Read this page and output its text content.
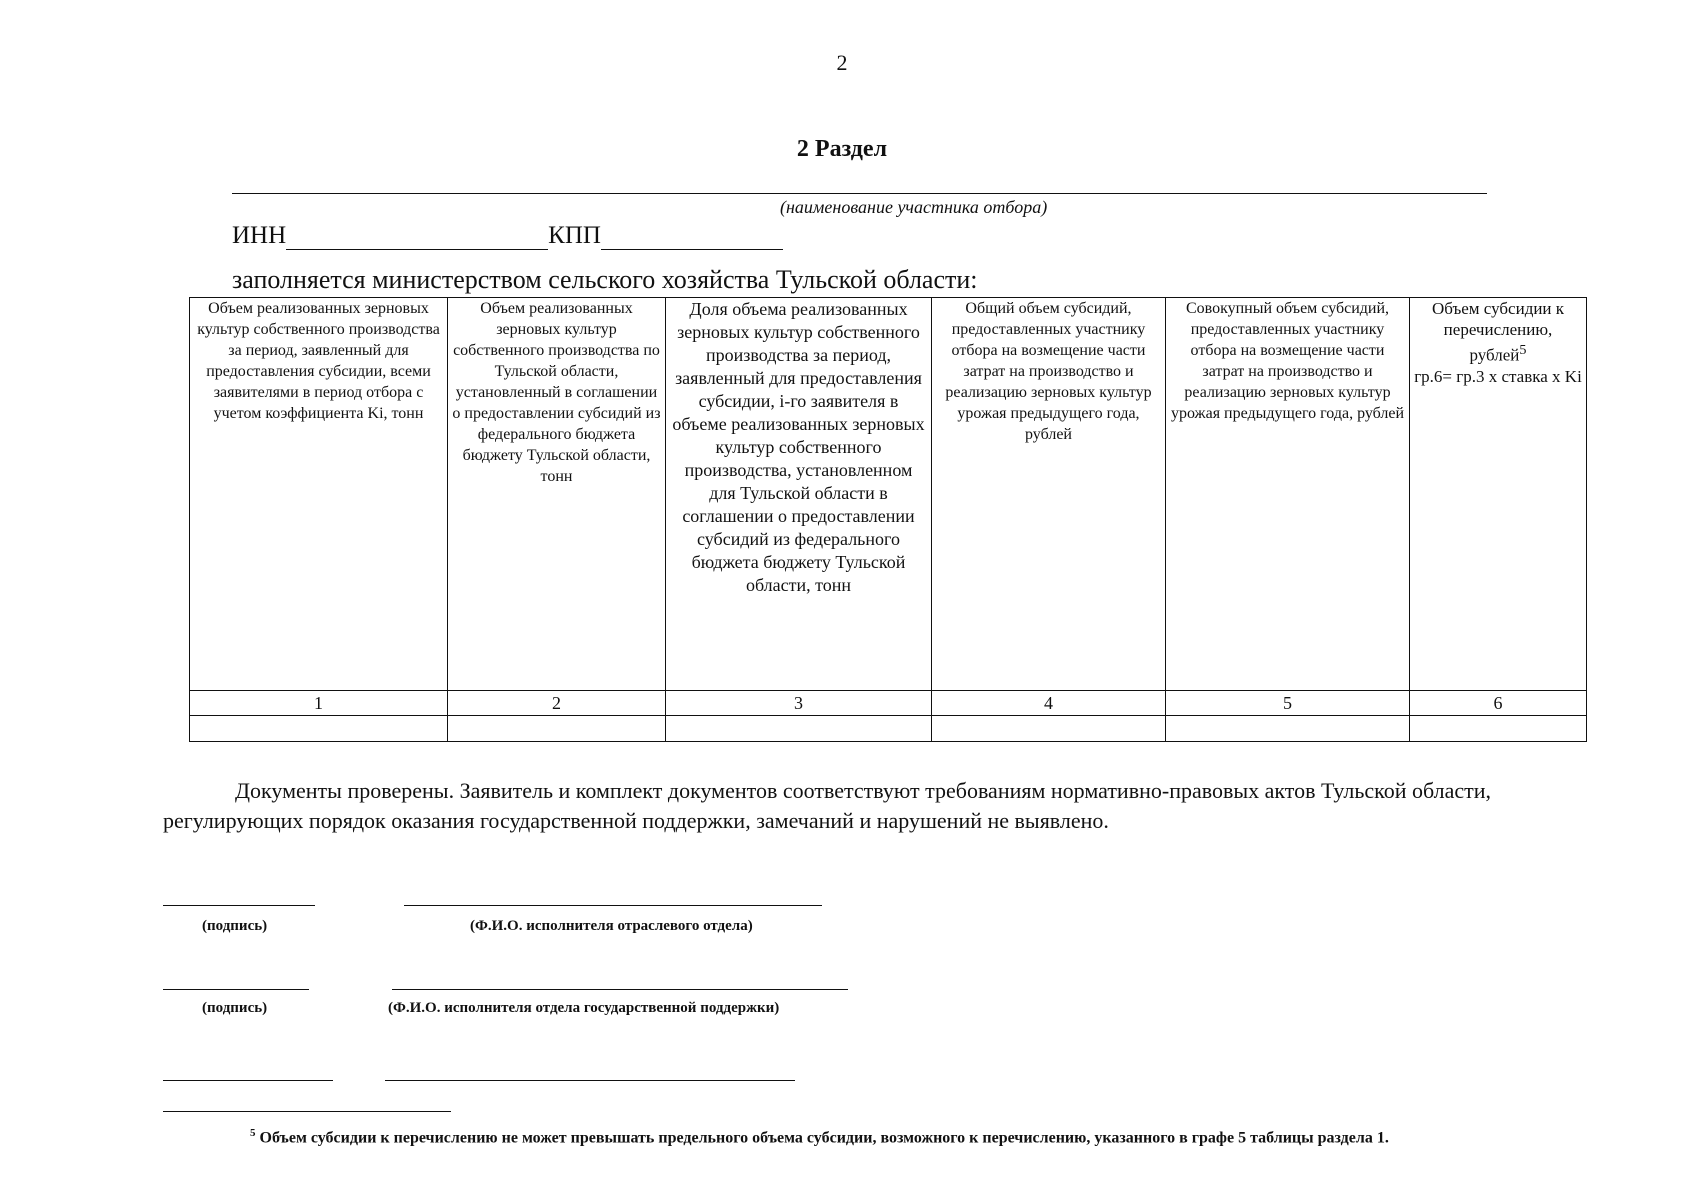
2
2 Раздел
(наименование участника отбора)
ИНН	КПП
заполняется министерством сельского хозяйства Тульской области:
Объем реализованных зерновых культур собственного производства за период, заявленный для предоставления субсидии, всеми заявителями в период отбора с учетом коэффициента Ki, тонн	Объем реализованных зерновых культур собственного производства по Тульской области, установленный в соглашении о предоставлении субсидий из федерального бюджета бюджету Тульской области, тонн	Доля объема реализованных зерновых культур собственного производства за период, заявленный для предоставления субсидии, i-го заявителя в объеме реализованных зерновых культур собственного производства, установленном для Тульской области в соглашении о предоставлении субсидий из федерального бюджета бюджету Тульской области, тонн	Общий объем субсидий, предоставленных участнику отбора на возмещение части затрат на производство и реализацию зерновых культур урожая предыдущего года, рублей	Совокупный объем субсидий, предоставленных участнику отбора на возмещение части затрат на производство и реализацию зерновых культур урожая предыдущего года, рублей	Объем субсидии к перечислению, рублей$^5$
гр.6= гр.3 х ставка х Ki
1	2	3	4	5	6

Документы проверены. Заявитель и комплект документов соответствуют требованиям нормативно-правовых актов Тульской области, регулирующих порядок оказания государственной поддержки, замечаний и нарушений не выявлено.
(подпись)	(Ф.И.О. исполнителя отраслевого отдела)
(подпись)	(Ф.И.О. исполнителя отдела государственной поддержки)
$^5$ Объем субсидии к перечислению не может превышать предельного объема субсидии, возможного к перечислению, указанного в графе 5 таблицы раздела 1.
